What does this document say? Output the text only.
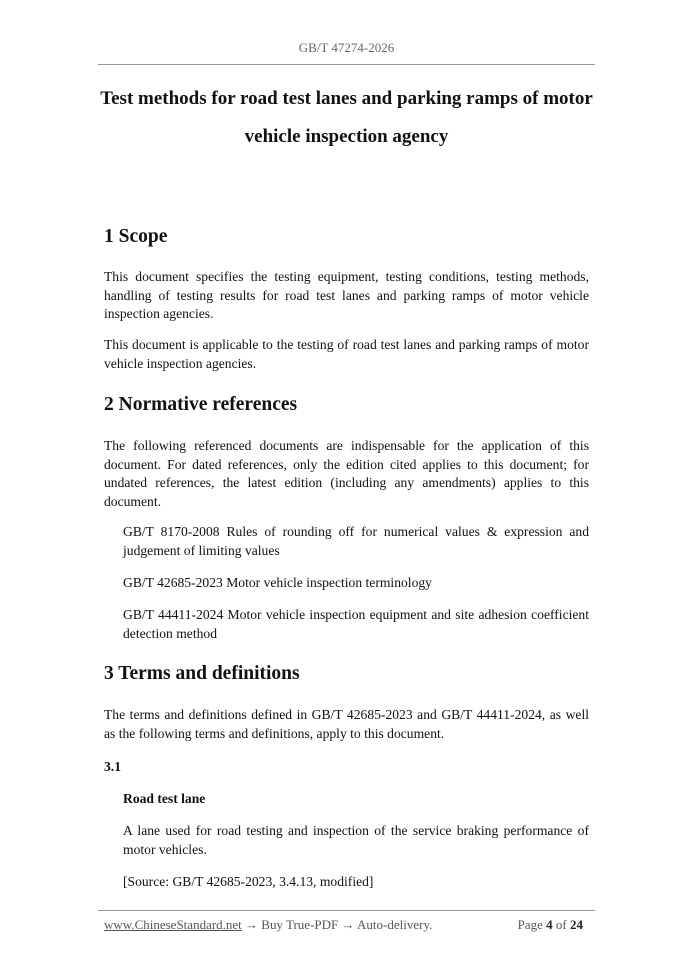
GB/T 47274-2026
Test methods for road test lanes and parking ramps of motor
vehicle inspection agency
1 Scope

This document specifies the testing equipment, testing conditions, testing methods, handling of testing results for road test lanes and parking ramps of motor vehicle inspection agencies.

This document is applicable to the testing of road test lanes and parking ramps of motor vehicle inspection agencies.

2 Normative references

The following referenced documents are indispensable for the application of this document. For dated references, only the edition cited applies to this document; for undated references, the latest edition (including any amendments) applies to this document.

GB/T 8170-2008 Rules of rounding off for numerical values & expression and judgement of limiting values

GB/T 42685-2023 Motor vehicle inspection terminology

GB/T 44411-2024 Motor vehicle inspection equipment and site adhesion coefficient detection method

3 Terms and definitions

The terms and definitions defined in GB/T 42685-2023 and GB/T 44411-2024, as well as the following terms and definitions, apply to this document.

3.1
Road test lane

A lane used for road testing and inspection of the service braking performance of motor vehicles.

[Source: GB/T 42685-2023, 3.4.13, modified]

www.ChineseStandard.net → Buy True-PDF → Auto-delivery.	Page 4 of 24
